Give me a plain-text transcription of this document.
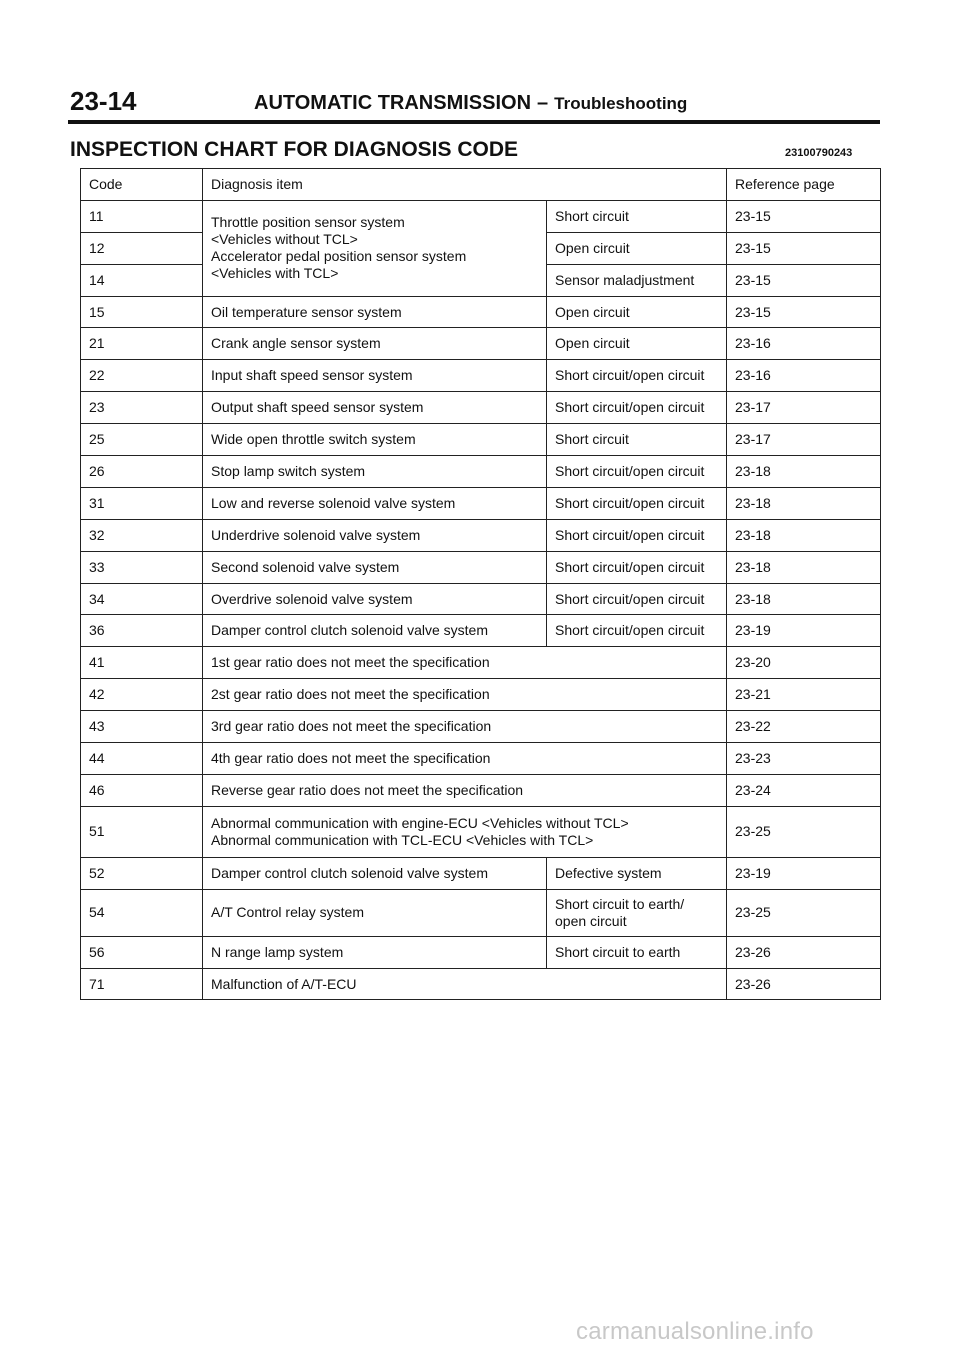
23-14	AUTOMATIC TRANSMISSION – Troubleshooting
INSPECTION CHART FOR DIAGNOSIS CODE	23100790243
Code	Diagnosis item		Reference page
11	Throttle position sensor system
<Vehicles without TCL>
Accelerator pedal position sensor system
<Vehicles with TCL>	Short circuit	23-15
12		Open circuit	23-15
14		Sensor maladjustment	23-15
15	Oil temperature sensor system	Open circuit	23-15
21	Crank angle sensor system	Open circuit	23-16
22	Input shaft speed sensor system	Short circuit/open circuit	23-16
23	Output shaft speed sensor system	Short circuit/open circuit	23-17
25	Wide open throttle switch system	Short circuit	23-17
26	Stop lamp switch system	Short circuit/open circuit	23-18
31	Low and reverse solenoid valve system	Short circuit/open circuit	23-18
32	Underdrive solenoid valve system	Short circuit/open circuit	23-18
33	Second solenoid valve system	Short circuit/open circuit	23-18
34	Overdrive solenoid valve system	Short circuit/open circuit	23-18
36	Damper control clutch solenoid valve system	Short circuit/open circuit	23-19
41	1st gear ratio does not meet the specification		23-20
42	2st gear ratio does not meet the specification		23-21
43	3rd gear ratio does not meet the specification		23-22
44	4th gear ratio does not meet the specification		23-23
46	Reverse gear ratio does not meet the specification		23-24
51	Abnormal communication with engine-ECU <Vehicles without TCL>
Abnormal communication with TCL-ECU <Vehicles with TCL>		23-25
52	Damper control clutch solenoid valve system	Defective system	23-19
54	A/T Control relay system	Short circuit to earth/
open circuit	23-25
56	N range lamp system	Short circuit to earth	23-26
71	Malfunction of A/T-ECU		23-26
carmanualsonline.info
